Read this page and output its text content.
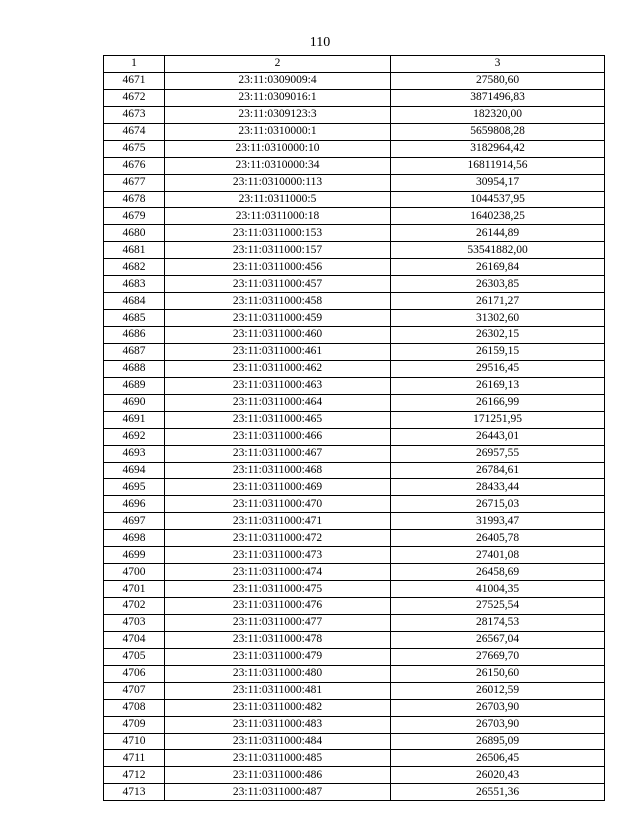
110
1	2	3
4671	23:11:0309009:4	27580,60
4672	23:11:0309016:1	3871496,83
4673	23:11:0309123:3	182320,00
4674	23:11:0310000:1	5659808,28
4675	23:11:0310000:10	3182964,42
4676	23:11:0310000:34	16811914,56
4677	23:11:0310000:113	30954,17
4678	23:11:0311000:5	1044537,95
4679	23:11:0311000:18	1640238,25
4680	23:11:0311000:153	26144,89
4681	23:11:0311000:157	53541882,00
4682	23:11:0311000:456	26169,84
4683	23:11:0311000:457	26303,85
4684	23:11:0311000:458	26171,27
4685	23:11:0311000:459	31302,60
4686	23:11:0311000:460	26302,15
4687	23:11:0311000:461	26159,15
4688	23:11:0311000:462	29516,45
4689	23:11:0311000:463	26169,13
4690	23:11:0311000:464	26166,99
4691	23:11:0311000:465	171251,95
4692	23:11:0311000:466	26443,01
4693	23:11:0311000:467	26957,55
4694	23:11:0311000:468	26784,61
4695	23:11:0311000:469	28433,44
4696	23:11:0311000:470	26715,03
4697	23:11:0311000:471	31993,47
4698	23:11:0311000:472	26405,78
4699	23:11:0311000:473	27401,08
4700	23:11:0311000:474	26458,69
4701	23:11:0311000:475	41004,35
4702	23:11:0311000:476	27525,54
4703	23:11:0311000:477	28174,53
4704	23:11:0311000:478	26567,04
4705	23:11:0311000:479	27669,70
4706	23:11:0311000:480	26150,60
4707	23:11:0311000:481	26012,59
4708	23:11:0311000:482	26703,90
4709	23:11:0311000:483	26703,90
4710	23:11:0311000:484	26895,09
4711	23:11:0311000:485	26506,45
4712	23:11:0311000:486	26020,43
4713	23:11:0311000:487	26551,36
